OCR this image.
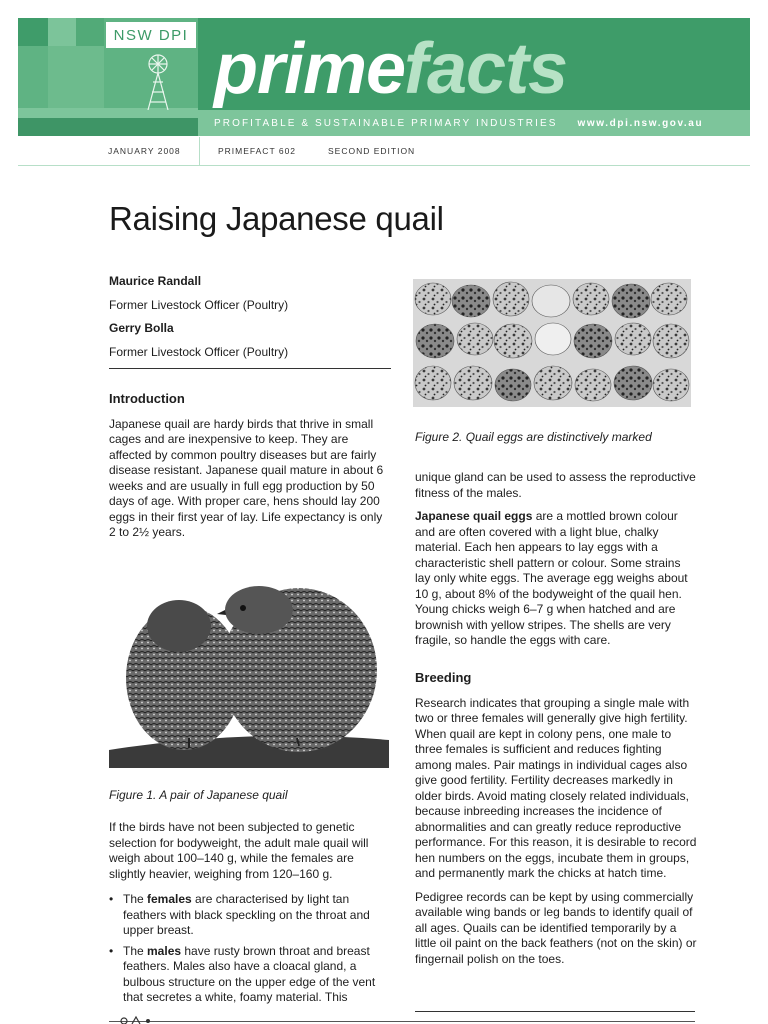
NSW DPI prime
facts
PROFITABLE & SUSTAINABLE PRIMARY INDUSTRIES www.dpi.nsw.gov.au
JANUARY 2008	PRIMEFACT 602	SECOND EDITION
Raising Japanese quail

Maurice Randall

Former Livestock Officer (Poultry)

Gerry Bolla

Former Livestock Officer (Poultry)

Introduction

Japanese quail are hardy birds that thrive in small cages and are inexpensive to keep. They are affected by common poultry diseases but are fairly disease resistant. Japanese quail mature in about 6 weeks and are usually in full egg production by 50 days of age. With proper care, hens should lay 200 eggs in their first year of lay. Life expectancy is only 2 to 2½ years.

Figure 1. A pair of Japanese quail

If the birds have not been subjected to genetic selection for bodyweight, the adult male quail will weigh about 100–140 g, while the females are slightly heavier, weighing from 120–160 g.

• The females are characterised by light tan feathers with black speckling on the throat and upper breast.
• The males have rusty brown throat and breast feathers. Males also have a cloacal gland, a bulbous structure on the upper edge of the vent that secretes a white, foamy material. This

Figure 2. Quail eggs are distinctively marked

unique gland can be used to assess the reproductive fitness of the males.

Japanese quail eggs are a mottled brown colour and are often covered with a light blue, chalky material. Each hen appears to lay eggs with a characteristic shell pattern or colour. Some strains lay only white eggs. The average egg weighs about 10 g, about 8% of the bodyweight of the quail hen. Young chicks weigh 6–7 g when hatched and are brownish with yellow stripes. The shells are very fragile, so handle the eggs with care.

Breeding

Research indicates that grouping a single male with two or three females will generally give high fertility. When quail are kept in colony pens, one male to three females is sufficient and reduces fighting among males. Pair matings in individual cages also give good fertility. Fertility decreases markedly in older birds. Avoid mating closely related individuals, because inbreeding increases the incidence of abnormalities and can greatly reduce reproductive performance. For this reason, it is desirable to record hen numbers on the eggs, incubate them in groups, and permanently mark the chicks at hatch time.

Pedigree records can be kept by using commercially available wing bands or leg bands to identify quail of all ages. Quails can be identified temporarily by a little oil paint on the back feathers (not on the skin) or fingernail polish on the toes.
